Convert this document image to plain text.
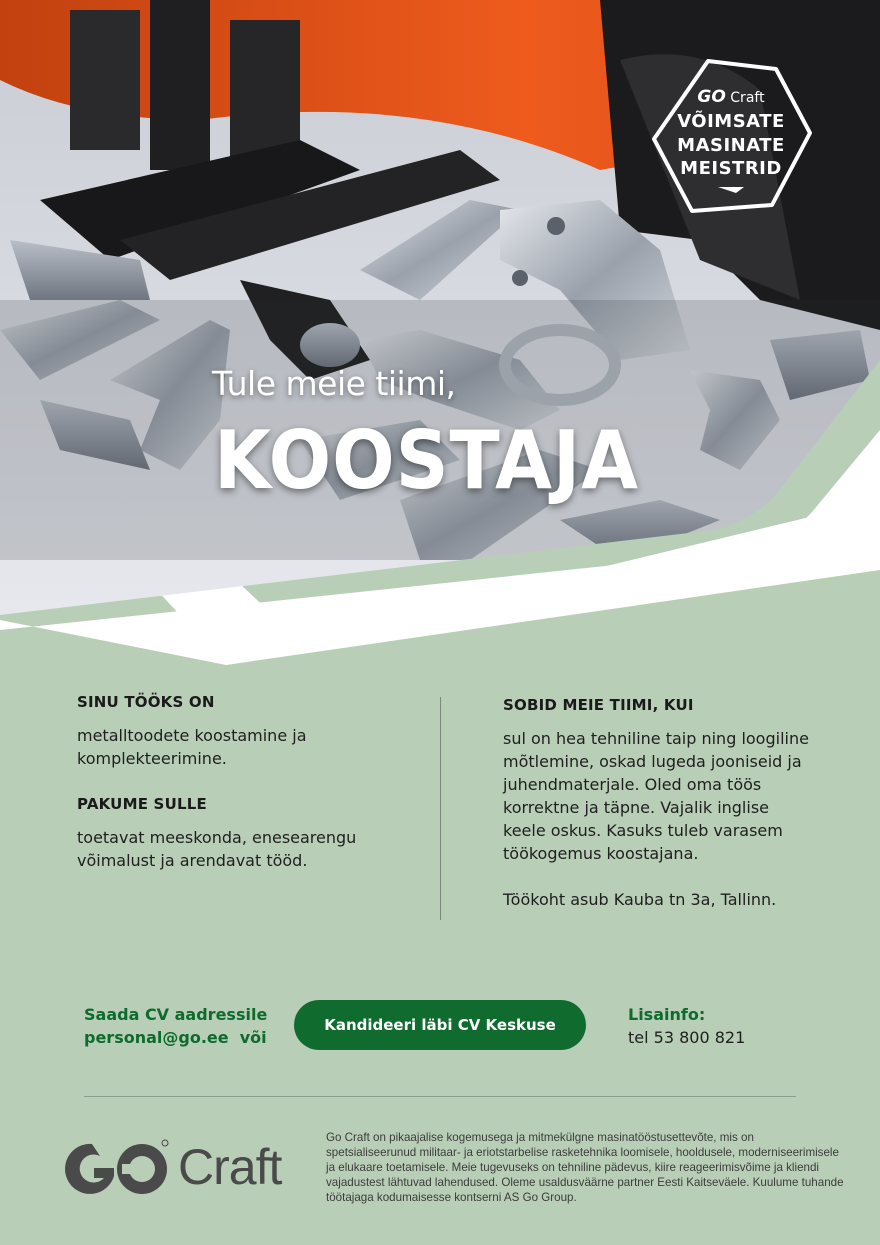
Tule meie tiimi,
KOOSTAJA
GO Craft
VÕIMSATE
MASINATE
MEISTRID
SINU TÖÖKS ON
metalltoodete koostamine ja komplekteerimine.
PAKUME SULLE
toetavat meeskonda, enesearengu võimalust ja arendavat tööd.
SOBID MEIE TIIMI, KUI
sul on hea tehniline taip ning loogiline mõtlemine, oskad lugeda jooniseid ja juhendmaterjale. Oled oma töös korrektne ja täpne. Vajalik inglise keele oskus. Kasuks tuleb varasem töökogemus koostajana.
Töökoht asub Kauba tn 3a, Tallinn.
Saada CV aadressile
personal@go.ee  või
Kandideeri läbi CV Keskuse
Lisainfo:
tel 53 800 821
Craft
Go Craft on pikaajalise kogemusega ja mitmekülgne masinatööstusettevõte, mis on spetsialiseerunud militaar- ja eriotstarbelise rasketehnika loomisele, hooldusele, moderniseerimisele ja elukaare toetamisele. Meie tugevuseks on tehniline pädevus, kiire reageerimisvõime ja kliendi vajadustest lähtuvad lahendused. Oleme usaldusväärne partner Eesti Kaitseväele. Kuulume tuhande töötajaga kodumaisesse kontserni AS Go Group.
